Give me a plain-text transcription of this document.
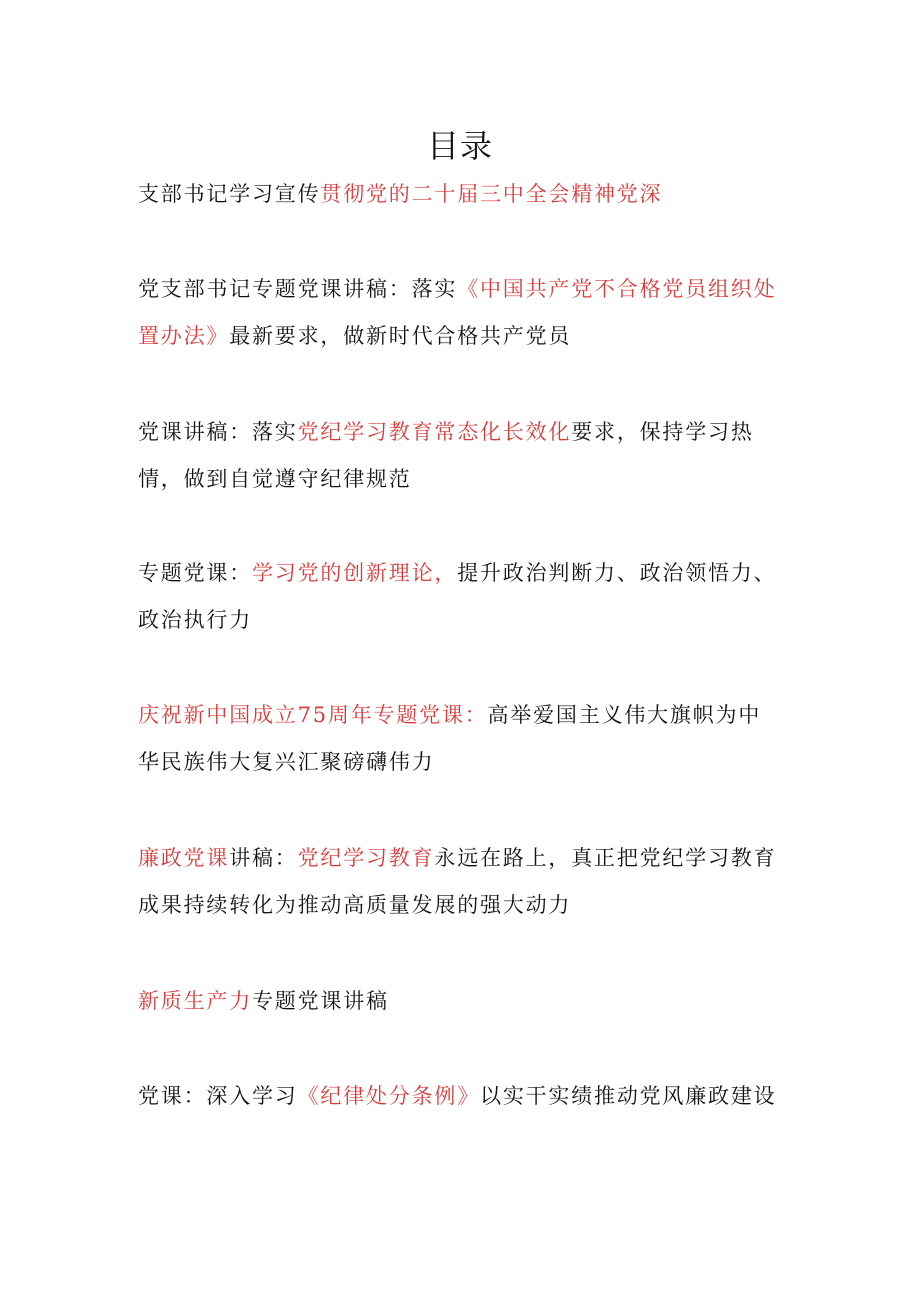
目录
支部书记学习宣传贯彻党的二十届三中全会精神党深
党支部书记专题党课讲稿：落实《中国共产党不合格党员组织处置办法》最新要求，做新时代合格共产党员
党课讲稿：落实党纪学习教育常态化长效化要求，保持学习热情，做到自觉遵守纪律规范
专题党课：学习党的创新理论，提升政治判断力、政治领悟力、政治执行力
庆祝新中国成立75周年专题党课：高举爱国主义伟大旗帜为中华民族伟大复兴汇聚磅礴伟力
廉政党课讲稿：党纪学习教育永远在路上，真正把党纪学习教育成果持续转化为推动高质量发展的强大动力
新质生产力专题党课讲稿
党课：深入学习《纪律处分条例》以实干实绩推动党风廉政建设
